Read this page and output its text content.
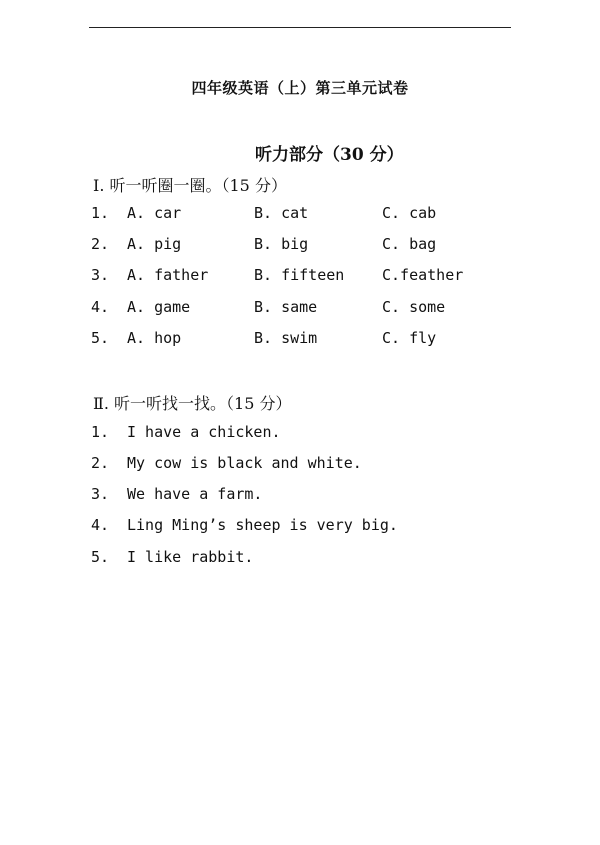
四年级英语（上）第三单元试卷
听力部分（30 分）
Ⅰ. 听一听圈一圈。（15 分）
1. A. car	B. cat	C. cab
2. A. pig	B. big	C. bag
3. A. father	B. fifteen	C.feather
4. A. game	B. same	C. some
5. A. hop	B. swim	C. fly
Ⅱ. 听一听找一找。（15 分）
1. I have a chicken.
2. My cow is black and white.
3. We have a farm.
4. Ling Ming’s sheep is very big.
5. I like rabbit.
